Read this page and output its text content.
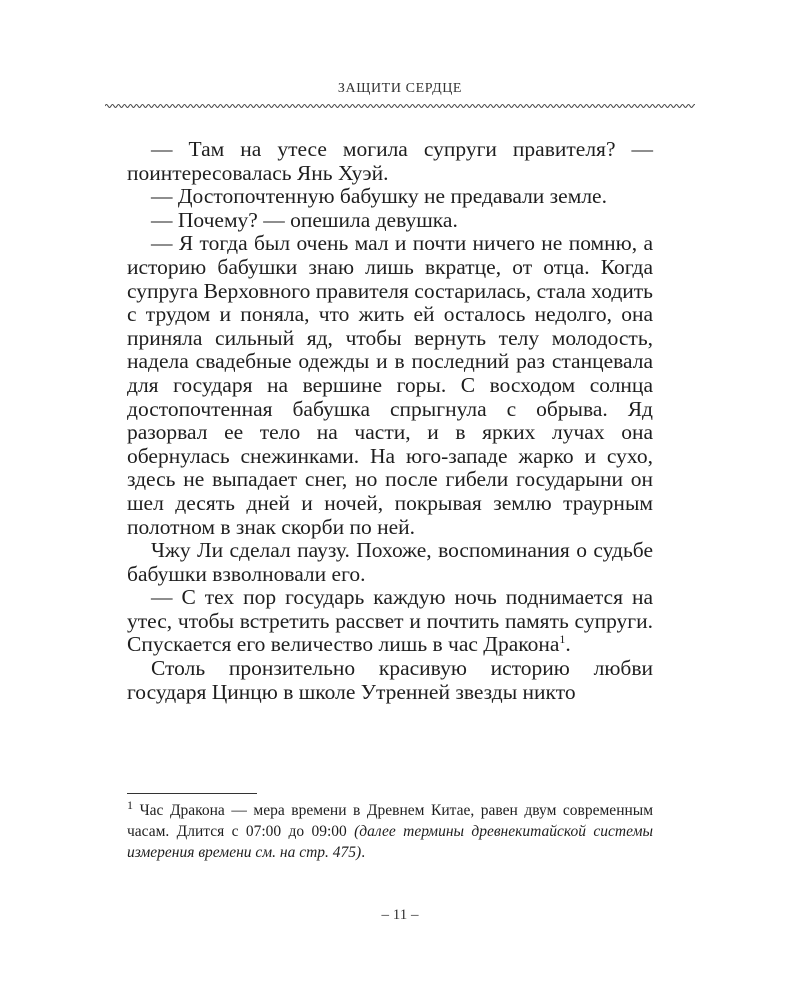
ЗАЩИТИ СЕРДЦЕ

— Там на утесе могила супруги правителя? — поинтересовалась Янь Хуэй.

— Достопочтенную бабушку не предавали земле.

— Почему? — опешила девушка.

— Я тогда был очень мал и почти ничего не помню, а историю бабушки знаю лишь вкратце, от отца. Когда супруга Верховного правителя состарилась, стала ходить с трудом и поняла, что жить ей осталось недолго, она приняла сильный яд, чтобы вернуть телу молодость, надела свадебные одежды и в последний раз станцевала для государя на вершине горы. С восходом солнца достопочтенная бабушка спрыгнула с обрыва. Яд разорвал ее тело на части, и в ярких лучах она обернулась снежинками. На юго-западе жарко и сухо, здесь не выпадает снег, но после гибели государыни он шел десять дней и ночей, покрывая землю траурным полотном в знак скорби по ней.

Чжу Ли сделал паузу. Похоже, воспоминания о судьбе бабушки взволновали его.

— С тех пор государь каждую ночь поднимается на утес, чтобы встретить рассвет и почтить память супруги. Спускается его величество лишь в час Дракона$^1$.

Столь пронзительно красивую историю любви государя Цинцю в школе Утренней звезды никто

$^1$ Час Дракона — мера времени в Древнем Китае, равен двум современным часам. Длится с 07:00 до 09:00 (далее термины древнекитайской системы измерения времени см. на стр. 475).
– 11 –
